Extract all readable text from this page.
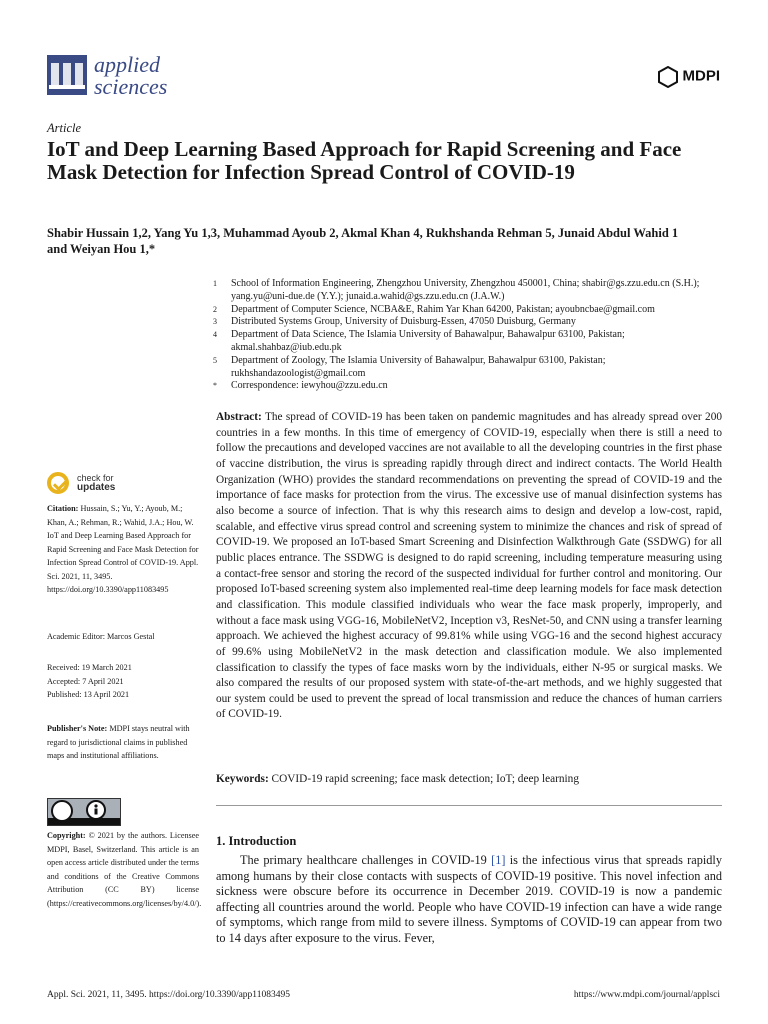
applied
sciences	MDPI
Article
IoT and Deep Learning Based Approach for Rapid Screening and Face Mask Detection for Infection Spread Control of COVID-19
Shabir Hussain 1,2, Yang Yu 1,3, Muhammad Ayoub 2, Akmal Khan 4, Rukhshanda Rehman 5, Junaid Abdul Wahid 1
and Weiyan Hou 1,*
1	School of Information Engineering, Zhengzhou University, Zhengzhou 450001, China; shabir@gs.zzu.edu.cn (S.H.); yang.yu@uni-due.de (Y.Y.); junaid.a.wahid@gs.zzu.edu.cn (J.A.W.)
2	Department of Computer Science, NCBA&E, Rahim Yar Khan 64200, Pakistan; ayoubncbae@gmail.com
3	Distributed Systems Group, University of Duisburg-Essen, 47050 Duisburg, Germany
4	Department of Data Science, The Islamia University of Bahawalpur, Bahawalpur 63100, Pakistan; akmal.shahbaz@iub.edu.pk
5	Department of Zoology, The Islamia University of Bahawalpur, Bahawalpur 63100, Pakistan; rukhshandazoologist@gmail.com
*	Correspondence: iewyhou@zzu.edu.cn
Abstract: The spread of COVID-19 has been taken on pandemic magnitudes and has already spread over 200 countries in a few months. In this time of emergency of COVID-19, especially when there is still a need to follow the precautions and developed vaccines are not available to all the developing countries in the first phase of vaccine distribution, the virus is spreading rapidly through direct and indirect contacts. The World Health Organization (WHO) provides the standard recommendations on preventing the spread of COVID-19 and the importance of face masks for protection from the virus. The excessive use of manual disinfection systems has also become a source of infection. That is why this research aims to design and develop a low-cost, rapid, scalable, and effective virus spread control and screening system to minimize the chances and risk of spread of COVID-19. We proposed an IoT-based Smart Screening and Disinfection Walkthrough Gate (SSDWG) for all public places entrance. The SSDWG is designed to do rapid screening, including temperature measuring using a contact-free sensor and storing the record of the suspected individual for further control and monitoring. Our proposed IoT-based screening system also implemented real-time deep learning models for face mask detection and classification. This module classified individuals who wear the face mask properly, improperly, and without a face mask using VGG-16, MobileNetV2, Inception v3, ResNet-50, and CNN using a transfer learning approach. We achieved the highest accuracy of 99.81% while using VGG-16 and the second highest accuracy of 99.6% using MobileNetV2 in the mask detection and classification module. We also implemented classification to classify the types of face masks worn by the individuals, either N-95 or surgical masks. We also compared the results of our proposed system with state-of-the-art methods, and we highly suggested that our system could be used to prevent the spread of local transmission and reduce the chances of human carriers of COVID-19.
Keywords: COVID-19 rapid screening; face mask detection; IoT; deep learning
1. Introduction
The primary healthcare challenges in COVID-19 [1] is the infectious virus that spreads rapidly among humans by their close contacts with suspects of COVID-19 positive. This novel infection and sickness were obscure before its occurrence in December 2019. COVID-19 is now a pandemic affecting all countries around the world. People who have COVID-19 infection can have a wide range of symptoms, which range from mild to severe illness. Symptoms of COVID-19 can appear from two to 14 days after exposure to the virus. Fever,
check for
updates
Citation: Hussain, S.; Yu, Y.; Ayoub, M.; Khan, A.; Rehman, R.; Wahid, J.A.; Hou, W. IoT and Deep Learning Based Approach for Rapid Screening and Face Mask Detection for Infection Spread Control of COVID-19. Appl. Sci. 2021, 11, 3495. https://doi.org/10.3390/app11083495
Academic Editor: Marcos Gestal
Received: 19 March 2021
Accepted: 7 April 2021
Published: 13 April 2021
Publisher's Note: MDPI stays neutral with regard to jurisdictional claims in published maps and institutional affiliations.
Copyright: © 2021 by the authors. Licensee MDPI, Basel, Switzerland. This article is an open access article distributed under the terms and conditions of the Creative Commons Attribution (CC BY) license (https://creativecommons.org/licenses/by/4.0/).
Appl. Sci. 2021, 11, 3495. https://doi.org/10.3390/app11083495	https://www.mdpi.com/journal/applsci
